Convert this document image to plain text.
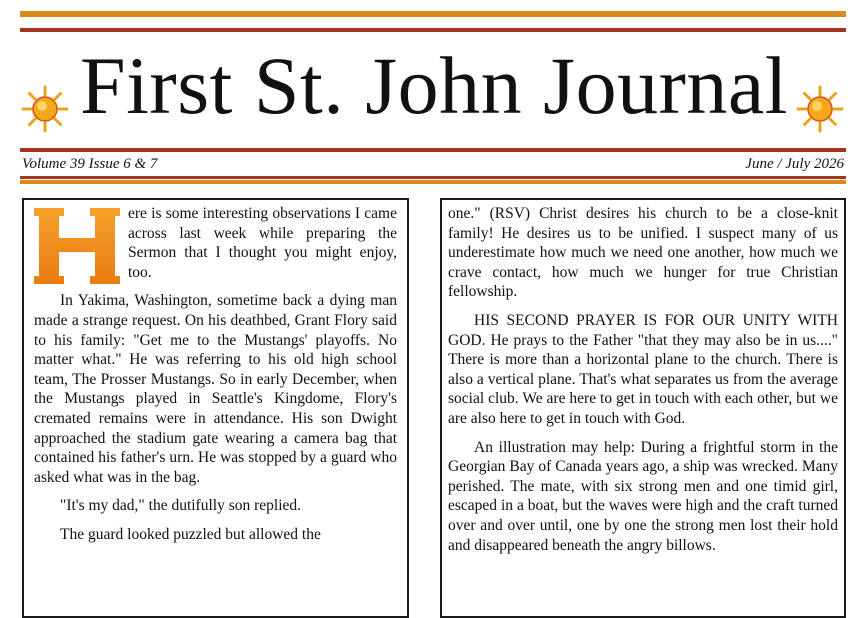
First St. John Journal
Volume 39 Issue 6 & 7	June / July 2026

ere is some interesting observations I came across last week while preparing the Sermon that I thought you might enjoy, too.

In Yakima, Washington, sometime back a dying man made a strange request. On his deathbed, Grant Flory said to his family: "Get me to the Mustangs' playoffs. No matter what." He was referring to his old high school team, The Prosser Mustangs. So in early December, when the Mustangs played in Seattle's Kingdome, Flory's cremated remains were in attendance. His son Dwight approached the stadium gate wearing a camera bag that contained his father's urn. He was stopped by a guard who asked what was in the bag.

"It's my dad," the dutifully son replied.

The guard looked puzzled but allowed the

one." (RSV) Christ desires his church to be a close-knit family! He desires us to be unified. I suspect many of us underestimate how much we need one another, how much we crave contact, how much we hunger for true Christian fellowship.

HIS SECOND PRAYER IS FOR OUR UNITY WITH GOD. He prays to the Father "that they may also be in us...." There is more than a horizontal plane to the church. There is also a vertical plane. That's what separates us from the average social club. We are here to get in touch with each other, but we are also here to get in touch with God.

An illustration may help: During a frightful storm in the Georgian Bay of Canada years ago, a ship was wrecked. Many perished. The mate, with six strong men and one timid girl, escaped in a boat, but the waves were high and the craft turned over and over until, one by one the strong men lost their hold and disappeared beneath the angry billows.
